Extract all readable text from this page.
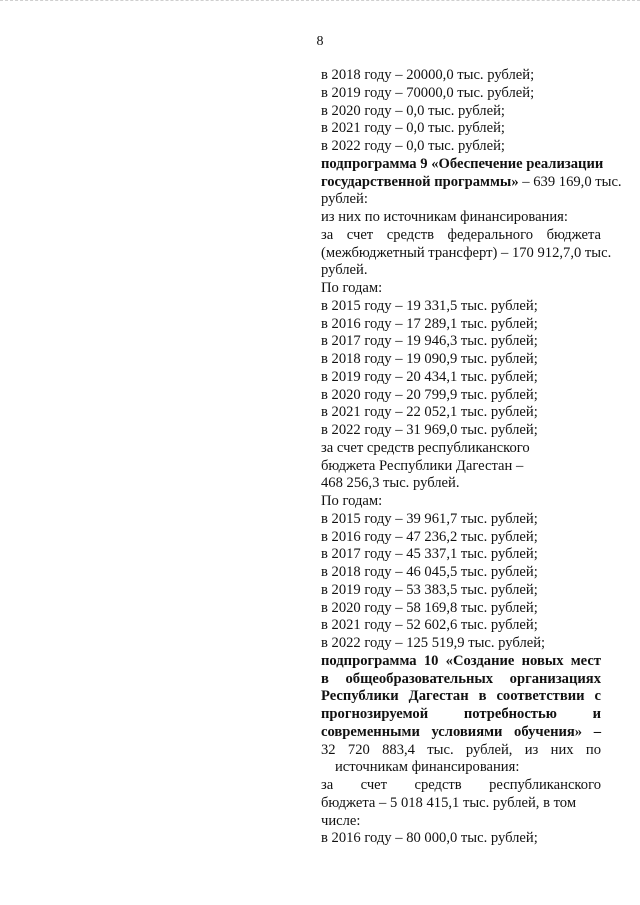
8

в 2018 году – 20000,0 тыс. рублей;

в 2019 году – 70000,0 тыс. рублей;

в 2020 году – 0,0 тыс. рублей;

в 2021 году – 0,0 тыс. рублей;

в 2022 году – 0,0 тыс. рублей;

подпрограмма 9 «Обеспечение реализации

государственной программы» – 639 169,0 тыс.

рублей:

из них по источникам финансирования:

за счет средств федерального бюджета

(межбюджетный трансферт) – 170 912,7,0 тыс.

рублей.

По годам:

в 2015 году – 19 331,5 тыс. рублей;

в 2016 году – 17 289,1 тыс. рублей;

в 2017 году – 19 946,3 тыс. рублей;

в 2018 году – 19 090,9 тыс. рублей;

в 2019 году – 20 434,1 тыс. рублей;

в 2020 году – 20 799,9 тыс. рублей;

в 2021 году – 22 052,1 тыс. рублей;

в 2022 году – 31 969,0 тыс. рублей;

за счет средств республиканского

бюджета Республики Дагестан –

468 256,3 тыс. рублей.

По годам:

в 2015 году – 39 961,7 тыс. рублей;

в 2016 году – 47 236,2 тыс. рублей;

в 2017 году – 45 337,1 тыс. рублей;

в 2018 году – 46 045,5 тыс. рублей;

в 2019 году – 53 383,5 тыс. рублей;

в 2020 году – 58 169,8 тыс. рублей;

в 2021 году – 52 602,6 тыс. рублей;

в 2022 году – 125 519,9 тыс. рублей;

подпрограмма 10 «Создание новых мест

в общеобразовательных организациях

Республики Дагестан в соответствии с

прогнозируемой потребностью и

современными условиями обучения» –

32 720 883,4 тыс. рублей, из них по

источникам финансирования:

за счет средств республиканского

бюджета – 5 018 415,1 тыс. рублей, в том

числе:

в 2016 году – 80 000,0 тыс. рублей;
